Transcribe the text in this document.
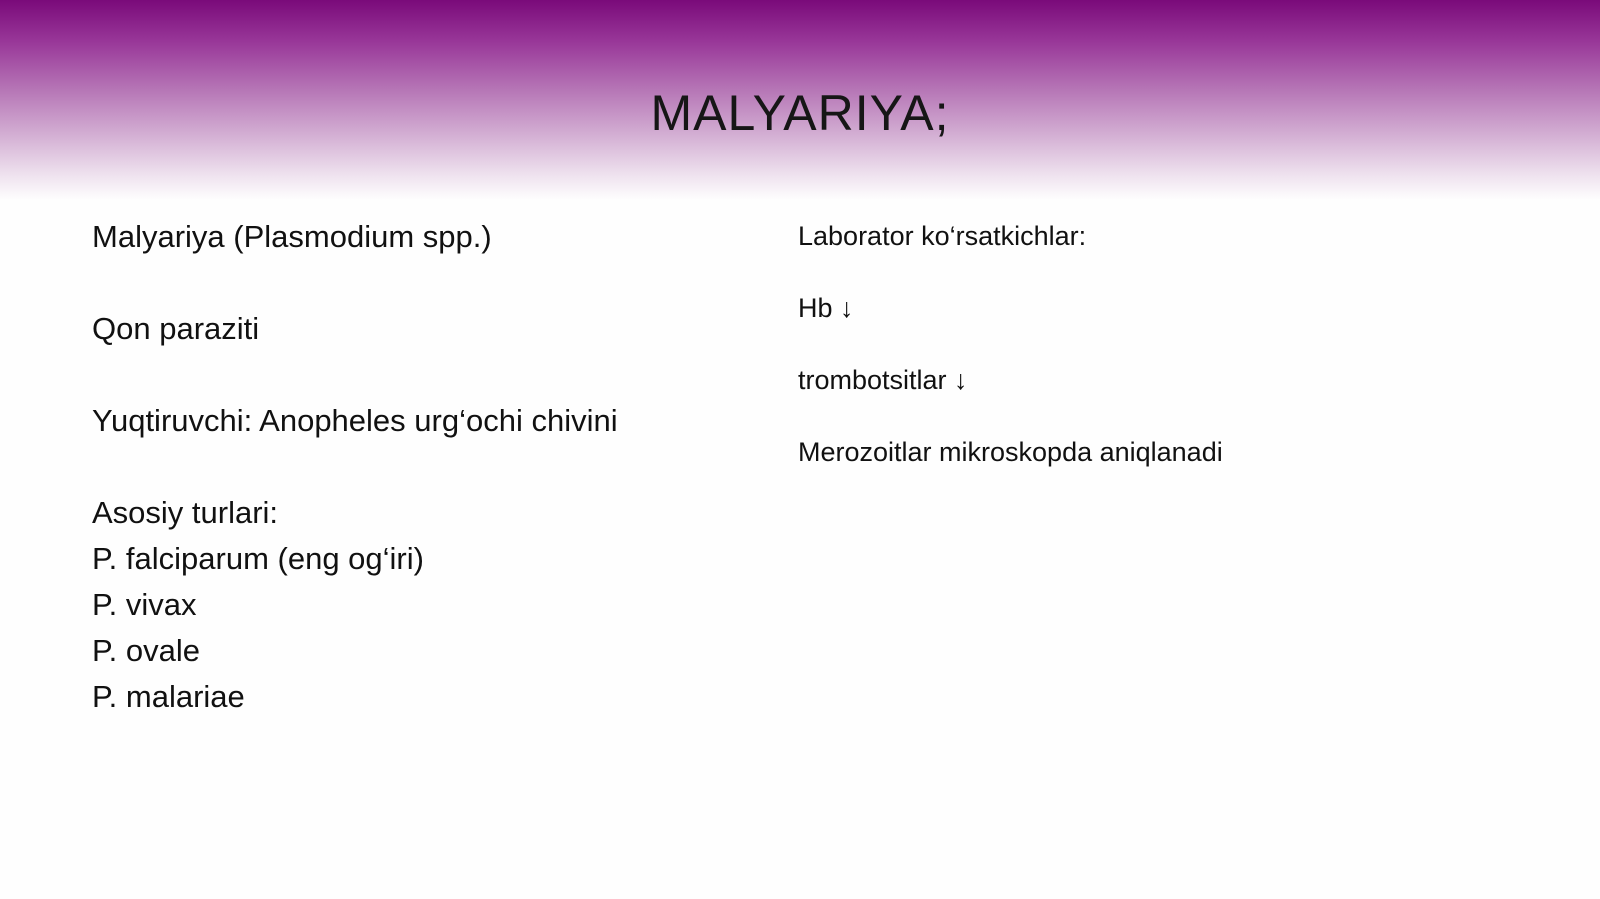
MALYARIYA;

Malyariya (Plasmodium spp.)

Qon paraziti

Yuqtiruvchi: Anopheles urg‘ochi chivini

Asosiy turlari:

P. falciparum (eng og‘iri)

P. vivax

P. ovale

P. malariae

Laborator ko‘rsatkichlar:

Hb ↓

trombotsitlar ↓

Merozoitlar mikroskopda aniqlanadi
